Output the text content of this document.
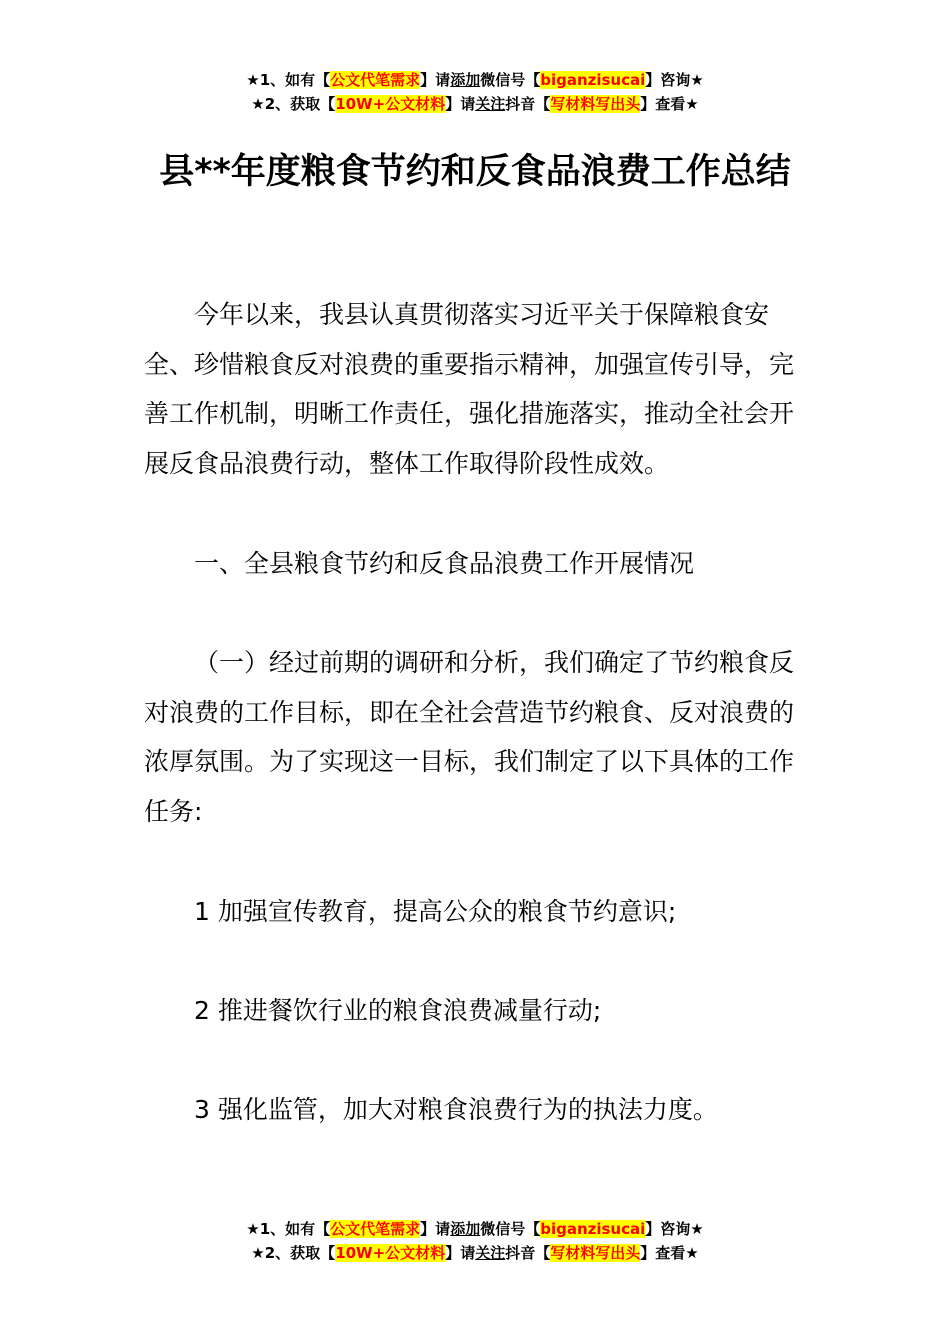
★1、如有【公文代笔需求】请添加微信号【biganzisucai】咨询★
★2、获取【10W+公文材料】请关注抖音【写材料写出头】查看★
县**年度粮食节约和反食品浪费工作总结

今年以来，我县认真贯彻落实习近平关于保障粮食安全、珍惜粮食反对浪费的重要指示精神，加强宣传引导，完善工作机制，明晰工作责任，强化措施落实，推动全社会开展反食品浪费行动，整体工作取得阶段性成效。

一、全县粮食节约和反食品浪费工作开展情况

（一）经过前期的调研和分析，我们确定了节约粮食反对浪费的工作目标，即在全社会营造节约粮食、反对浪费的浓厚氛围。为了实现这一目标，我们制定了以下具体的工作任务:

1 加强宣传教育，提高公众的粮食节约意识;

2 推进餐饮行业的粮食浪费减量行动;

3 强化监管，加大对粮食浪费行为的执法力度。

★1、如有【公文代笔需求】请添加微信号【biganzisucai】咨询★
★2、获取【10W+公文材料】请关注抖音【写材料写出头】查看★
